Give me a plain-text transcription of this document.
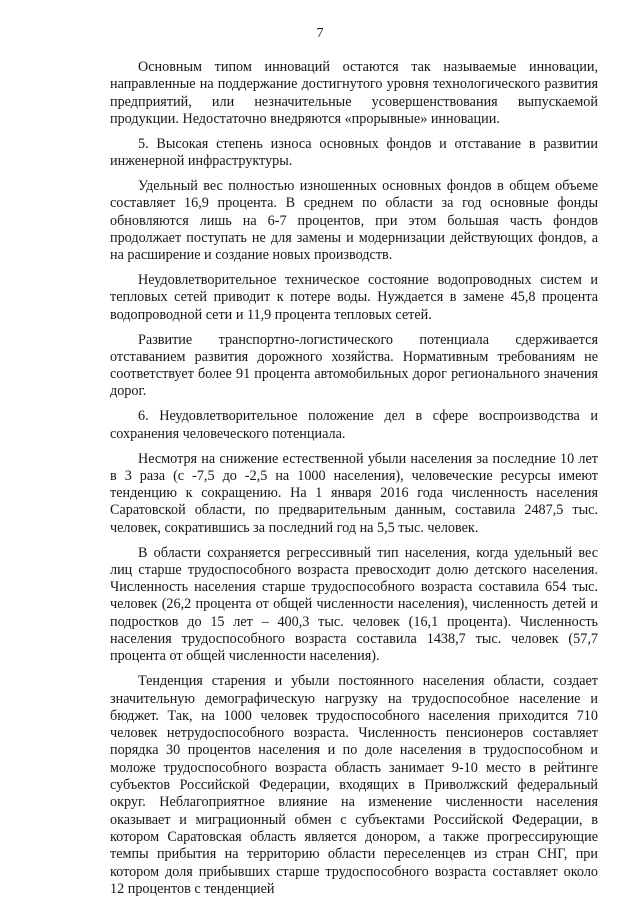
7

Основным типом инноваций остаются так называемые инновации, направленные на поддержание достигнутого уровня технологического развития предприятий, или незначительные усовершенствования выпускаемой продукции. Недостаточно внедряются «прорывные» инновации.

5. Высокая степень износа основных фондов и отставание в развитии инженерной инфраструктуры.

Удельный вес полностью изношенных основных фондов в общем объеме составляет 16,9 процента. В среднем по области за год основные фонды обновляются лишь на 6-7 процентов, при этом большая часть фондов продолжает поступать не для замены и модернизации действующих фондов, а на расширение и создание новых производств.

Неудовлетворительное техническое состояние водопроводных систем и тепловых сетей приводит к потере воды. Нуждается в замене 45,8 процента водопроводной сети и 11,9 процента тепловых сетей.

Развитие транспортно-логистического потенциала сдерживается отставанием развития дорожного хозяйства. Нормативным требованиям не соответствует более 91 процента автомобильных дорог регионального значения дорог.

6. Неудовлетворительное положение дел в сфере воспроизводства и сохранения человеческого потенциала.

Несмотря на снижение естественной убыли населения за последние 10 лет в 3 раза (с -7,5 до -2,5 на 1000 населения), человеческие ресурсы имеют тенденцию к сокращению. На 1 января 2016 года численность населения Саратовской области, по предварительным данным, составила 2487,5 тыс. человек, сократившись за последний год на 5,5 тыс. человек.

В области сохраняется регрессивный тип населения, когда удельный вес лиц старше трудоспособного возраста превосходит долю детского населения. Численность населения старше трудоспособного возраста составила 654 тыс. человек (26,2 процента от общей численности населения), численность детей и подростков до 15 лет – 400,3 тыс. человек (16,1 процента). Численность населения трудоспособного возраста составила 1438,7 тыс. человек (57,7 процента от общей численности населения).

Тенденция старения и убыли постоянного населения области, создает значительную демографическую нагрузку на трудоспособное население и бюджет. Так, на 1000 человек трудоспособного населения приходится 710 человек нетрудоспособного возраста. Численность пенсионеров составляет порядка 30 процентов населения и по доле населения в трудоспособном и моложе трудоспособного возраста область занимает 9-10 место в рейтинге субъектов Российской Федерации, входящих в Приволжский федеральный округ. Неблагоприятное влияние на изменение численности населения оказывает и миграционный обмен с субъектами Российской Федерации, в котором Саратовская область является донором, а также прогрессирующие темпы прибытия на территорию области переселенцев из стран СНГ, при котором доля прибывших старше трудоспособного возраста составляет около 12 процентов с тенденцией
